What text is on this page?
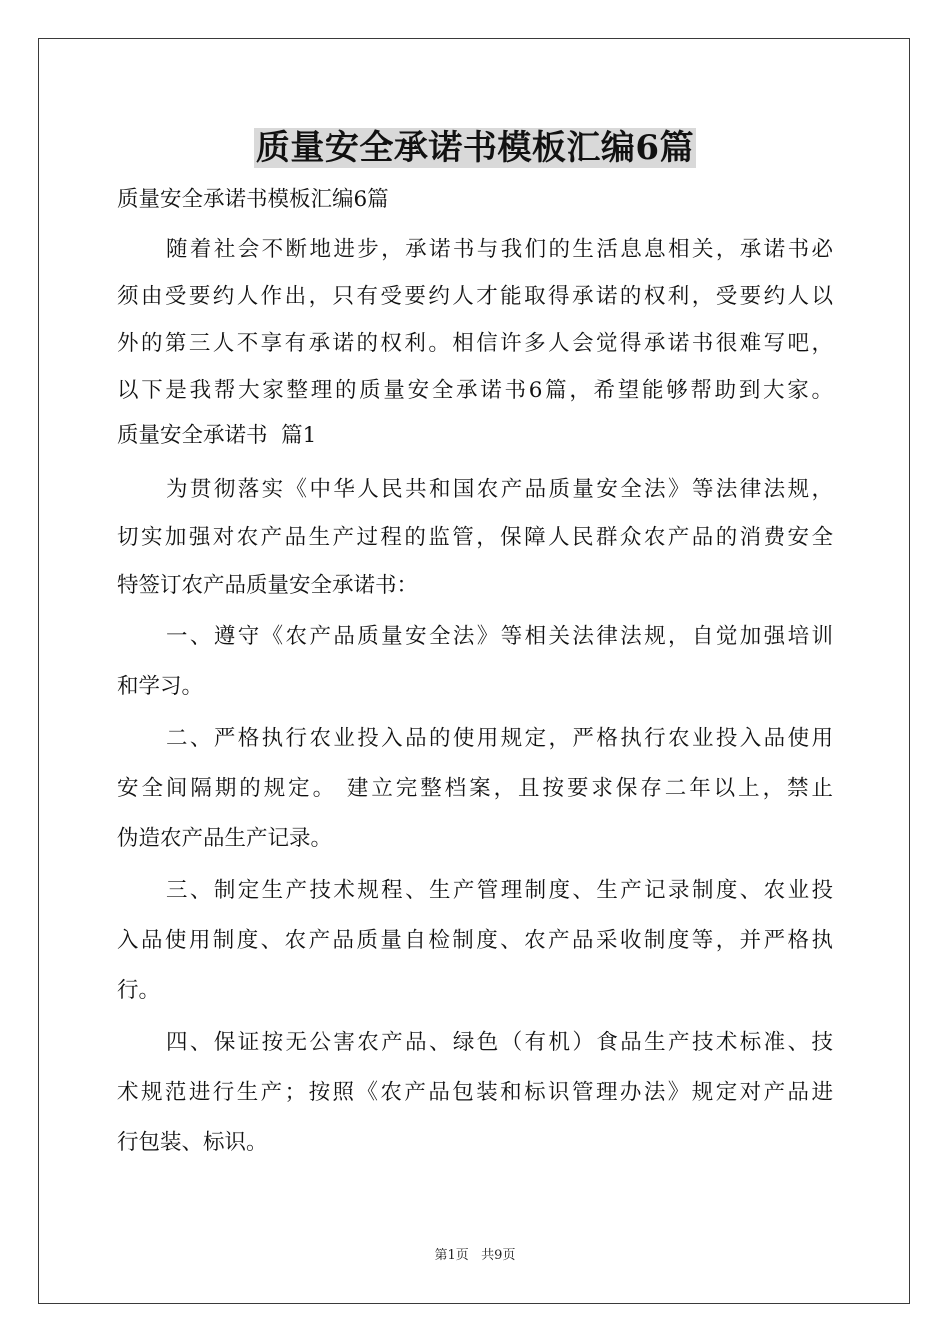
质量安全承诺书模板汇编6篇
质量安全承诺书模板汇编6篇
随着社会不断地进步，承诺书与我们的生活息息相关，承诺书必
须由受要约人作出，只有受要约人才能取得承诺的权利，受要约人以
外的第三人不享有承诺的权利。相信许多人会觉得承诺书很难写吧，
以下是我帮大家整理的质量安全承诺书6篇，希望能够帮助到大家。
质量安全承诺书  篇1
为贯彻落实《中华人民共和国农产品质量安全法》等法律法规，
切实加强对农产品生产过程的监管，保障人民群众农产品的消费安全
特签订农产品质量安全承诺书：
一、遵守《农产品质量安全法》等相关法律法规，自觉加强培训
和学习。
二、严格执行农业投入品的使用规定，严格执行农业投入品使用
安全间隔期的规定。 建立完整档案，且按要求保存二年以上，禁止
伪造农产品生产记录。
三、制定生产技术规程、生产管理制度、生产记录制度、农业投
入品使用制度、农产品质量自检制度、农产品采收制度等，并严格执
行。
四、保证按无公害农产品、绿色（有机）食品生产技术标准、技
术规范进行生产；按照《农产品包装和标识管理办法》规定对产品进
行包装、标识。
第1页   共9页
